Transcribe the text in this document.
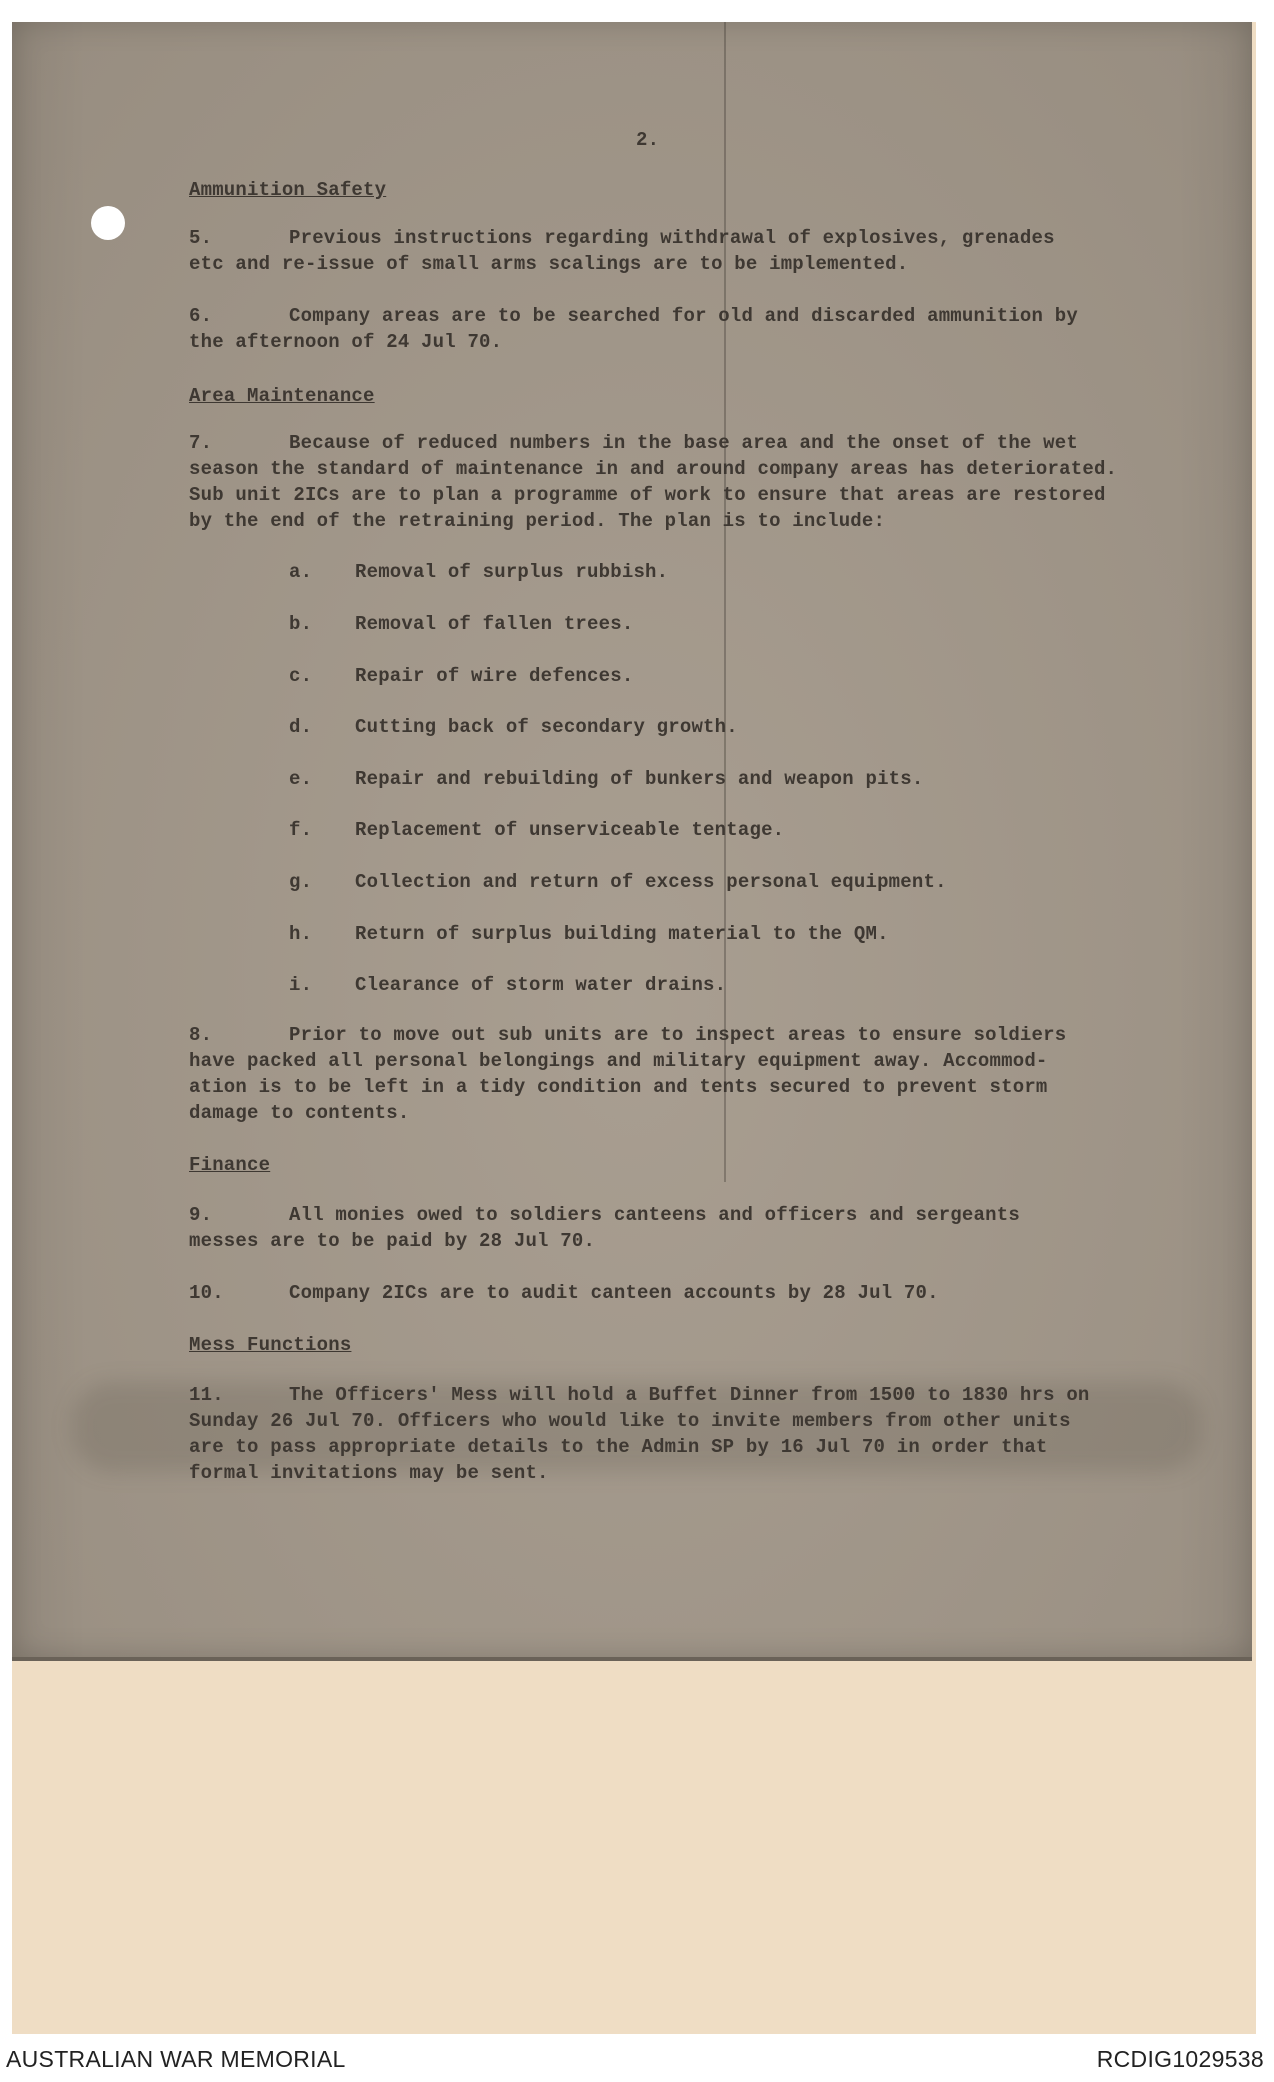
2.
Ammunition Safety

5.	Previous instructions regarding withdrawal of explosives, grenades

etc and re-issue of small arms scalings are to be implemented.

6.	Company areas are to be searched for old and discarded ammunition by

the afternoon of 24 Jul 70.

Area Maintenance

7.	Because of reduced numbers in the base area and the onset of the wet

season the standard of maintenance in and around company areas has deteriorated.

Sub unit 2ICs are to plan a programme of work to ensure that areas are restored

by the end of the retraining period. The plan is to include:

a. Removal of surplus rubbish.
b. Removal of fallen trees.
c. Repair of wire defences.
d. Cutting back of secondary growth.
e. Repair and rebuilding of bunkers and weapon pits.
f. Replacement of unserviceable tentage.
g. Collection and return of excess personal equipment.
h. Return of surplus building material to the QM.
i. Clearance of storm water drains.

8.	Prior to move out sub units are to inspect areas to ensure soldiers

have packed all personal belongings and military equipment away. Accommod-

ation is to be left in a tidy condition and tents secured to prevent storm

damage to contents.

Finance

9.	All monies owed to soldiers canteens and officers and sergeants

messes are to be paid by 28 Jul 70.

10.	Company 2ICs are to audit canteen accounts by 28 Jul 70.

Mess Functions

11.	The Officers' Mess will hold a Buffet Dinner from 1500 to 1830 hrs on

Sunday 26 Jul 70. Officers who would like to invite members from other units

are to pass appropriate details to the Admin SP by 16 Jul 70 in order that

formal invitations may be sent.

AUSTRALIAN WAR MEMORIAL	RCDIG1029538
